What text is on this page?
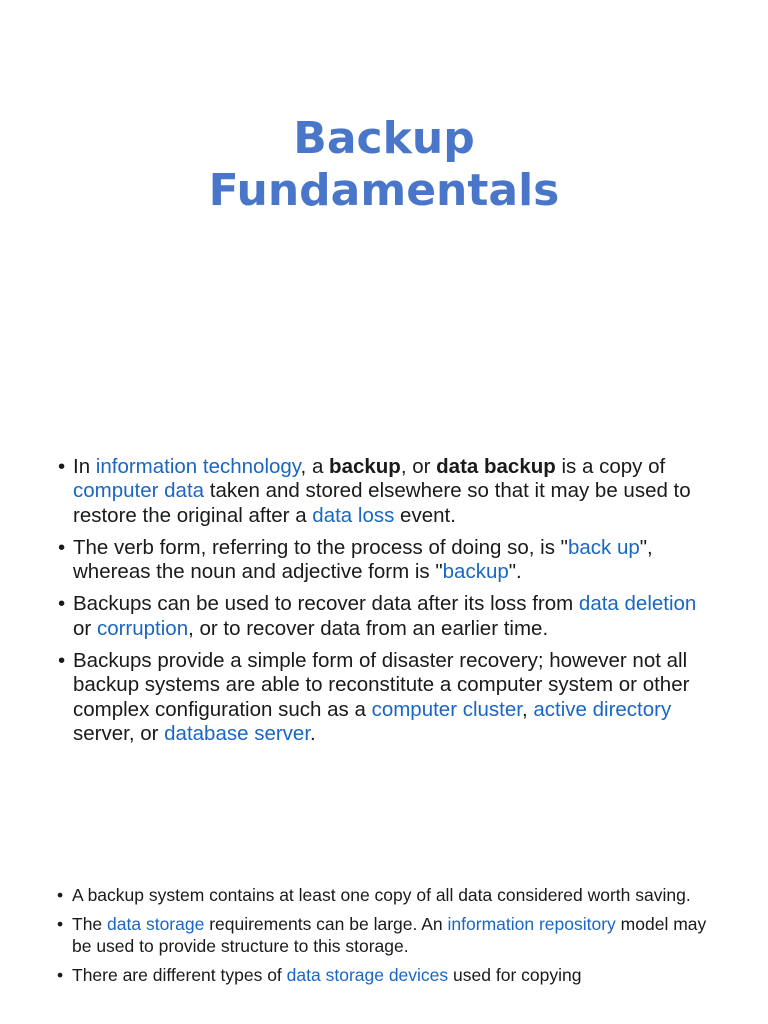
Backup
Fundamentals
• In information technology, a backup, or data backup is a copy of computer data taken and stored elsewhere so that it may be used to restore the original after a data loss event.
• The verb form, referring to the process of doing so, is "back up", whereas the noun and adjective form is "backup".
• Backups can be used to recover data after its loss from data deletion or corruption, or to recover data from an earlier time.
• Backups provide a simple form of disaster recovery; however not all backup systems are able to reconstitute a computer system or other complex configuration such as a computer cluster, active directory server, or database server.
• A backup system contains at least one copy of all data considered worth saving.
• The data storage requirements can be large. An information repository model may be used to provide structure to this storage.
• There are different types of data storage devices used for copying
